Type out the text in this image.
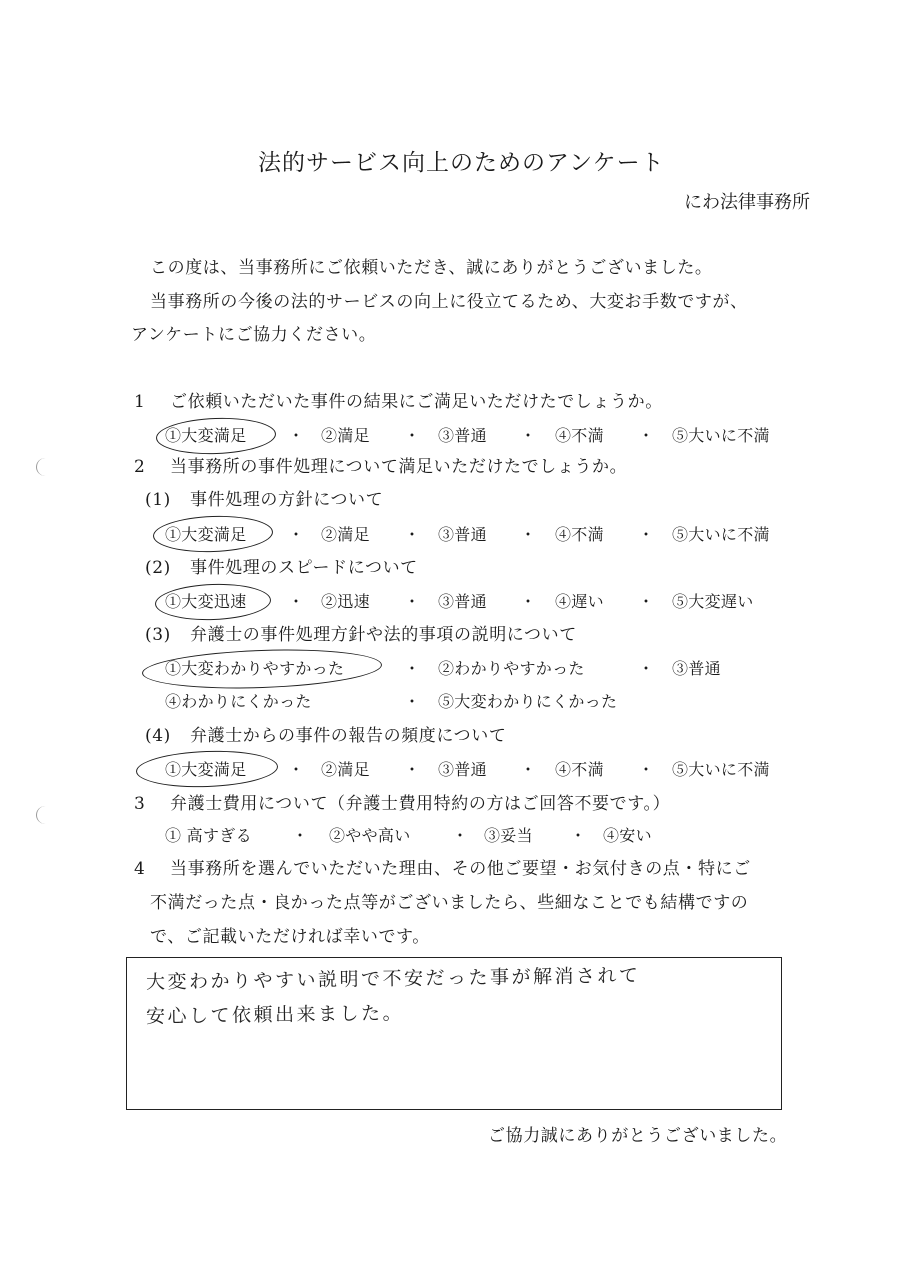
法的サービス向上のためのアンケート
にわ法律事務所
この度は、当事務所にご依頼いただき、誠にありがとうございました。
当事務所の今後の法的サービスの向上に役立てるため、大変お手数ですが、
アンケートにご協力ください。
1 ご依頼いただいた事件の結果にご満足いただけたでしょうか。
①大変満足	・ ②満足 ・ ③普通 ・ ④不満 ・ ⑤大いに不満
2 当事務所の事件処理について満足いただけたでしょうか。
(1) 事件処理の方針について
①大変満足	・ ②満足 ・ ③普通 ・ ④不満 ・ ⑤大いに不満
(2) 事件処理のスピードについて
①大変迅速	・ ②迅速 ・ ③普通 ・ ④遅い ・ ⑤大変遅い
(3) 弁護士の事件処理方針や法的事項の説明について
①大変わかりやすかった	・ ②わかりやすかった	・ ③普通
④わかりにくかった	・ ⑤大変わかりにくかった
(4) 弁護士からの事件の報告の頻度について
①大変満足	・ ②満足 ・ ③普通 ・ ④不満 ・ ⑤大いに不満
3 弁護士費用について（弁護士費用特約の方はご回答不要です。）
① 高すぎる	・ ②やや高い	・ ③妥当 ・ ④安い
4 当事務所を選んでいただいた理由、その他ご要望・お気付きの点・特にご
不満だった点・良かった点等がございましたら、些細なことでも結構ですの
で、ご記載いただければ幸いです。
大変わかりやすい説明で不安だった事が解消されて
安心して依頼出来ました。
ご協力誠にありがとうございました。
